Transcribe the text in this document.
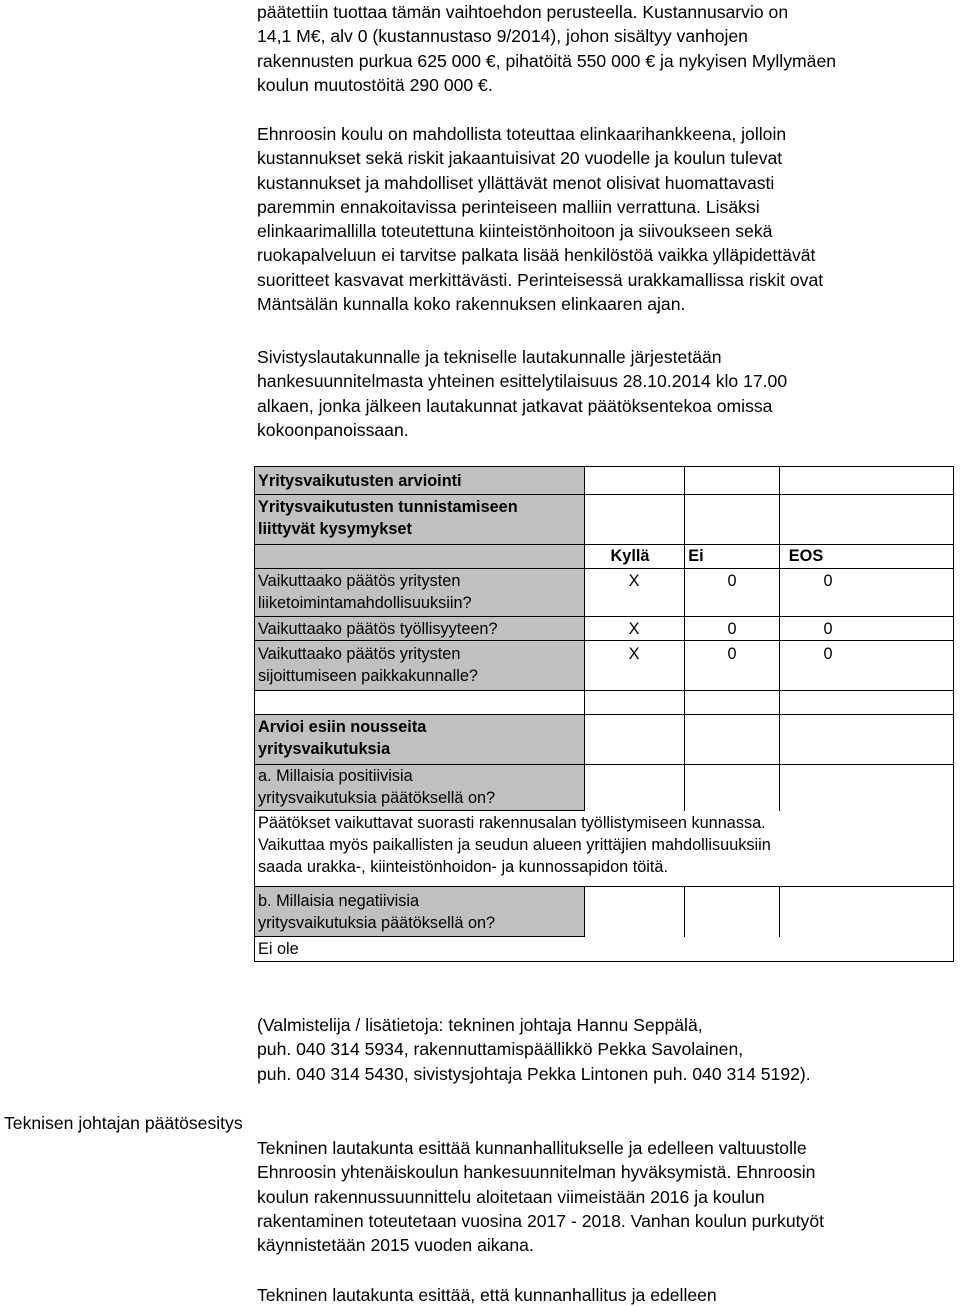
päätettiin tuottaa tämän vaihtoehdon perusteella. Kustannusarvio on
14,1 M€, alv 0 (kustannustaso 9/2014), johon sisältyy vanhojen
rakennusten purkua 625 000 €, pihatöitä 550 000 € ja nykyisen Myllymäen
koulun muutostöitä 290 000 €.
Ehnroosin koulu on mahdollista toteuttaa elinkaarihankkeena, jolloin
kustannukset sekä riskit jakaantuisivat 20 vuodelle ja koulun tulevat
kustannukset ja mahdolliset yllättävät menot olisivat huomattavasti
paremmin ennakoitavissa perinteiseen malliin verrattuna. Lisäksi
elinkaarimallilla toteutettuna kiinteistönhoitoon ja siivoukseen sekä
ruokapalveluun ei tarvitse palkata lisää henkilöstöä vaikka ylläpidettävät
suoritteet kasvavat merkittävästi. Perinteisessä urakkamallissa riskit ovat
Mäntsälän kunnalla koko rakennuksen elinkaaren ajan.
Sivistyslautakunnalle ja tekniselle lautakunnalle järjestetään
hankesuunnitelmasta yhteinen esittelytilaisuus 28.10.2014 klo 17.00
alkaen, jonka jälkeen lautakunnat jatkavat päätöksentekoa omissa
kokoonpanoissaan.
Yritysvaikutusten arviointi
Yritysvaikutusten tunnistamiseen
liittyvät kysymykset
Kyllä	Ei	EOS
Vaikuttaako päätös yritysten
liiketoimintamahdollisuuksiin?
X	0	0
Vaikuttaako päätös työllisyyteen?	X	0	0
Vaikuttaako päätös yritysten
sijoittumiseen paikkakunnalle?
X	0	0
Arvioi esiin nousseita
yritysvaikutuksia
a. Millaisia positiivisia
yritysvaikutuksia päätöksellä on?
Päätökset vaikuttavat suorasti rakennusalan työllistymiseen kunnassa.
Vaikuttaa myös paikallisten ja seudun alueen yrittäjien mahdollisuuksiin
saada urakka-, kiinteistönhoidon- ja kunnossapidon töitä.
b. Millaisia negatiivisia
yritysvaikutuksia päätöksellä on?
Ei ole
(Valmistelija / lisätietoja: tekninen johtaja Hannu Seppälä,
puh. 040 314 5934, rakennuttamispäällikkö Pekka Savolainen,
puh. 040 314 5430, sivistysjohtaja Pekka Lintonen puh. 040 314 5192).
Teknisen johtajan päätösesitys
Tekninen lautakunta esittää kunnanhallitukselle ja edelleen valtuustolle
Ehnroosin yhtenäiskoulun hankesuunnitelman hyväksymistä. Ehnroosin
koulun rakennussuunnittelu aloitetaan viimeistään 2016 ja koulun
rakentaminen toteutetaan vuosina 2017 - 2018. Vanhan koulun purkutyöt
käynnistetään 2015 vuoden aikana.
Tekninen lautakunta esittää, että kunnanhallitus ja edelleen
